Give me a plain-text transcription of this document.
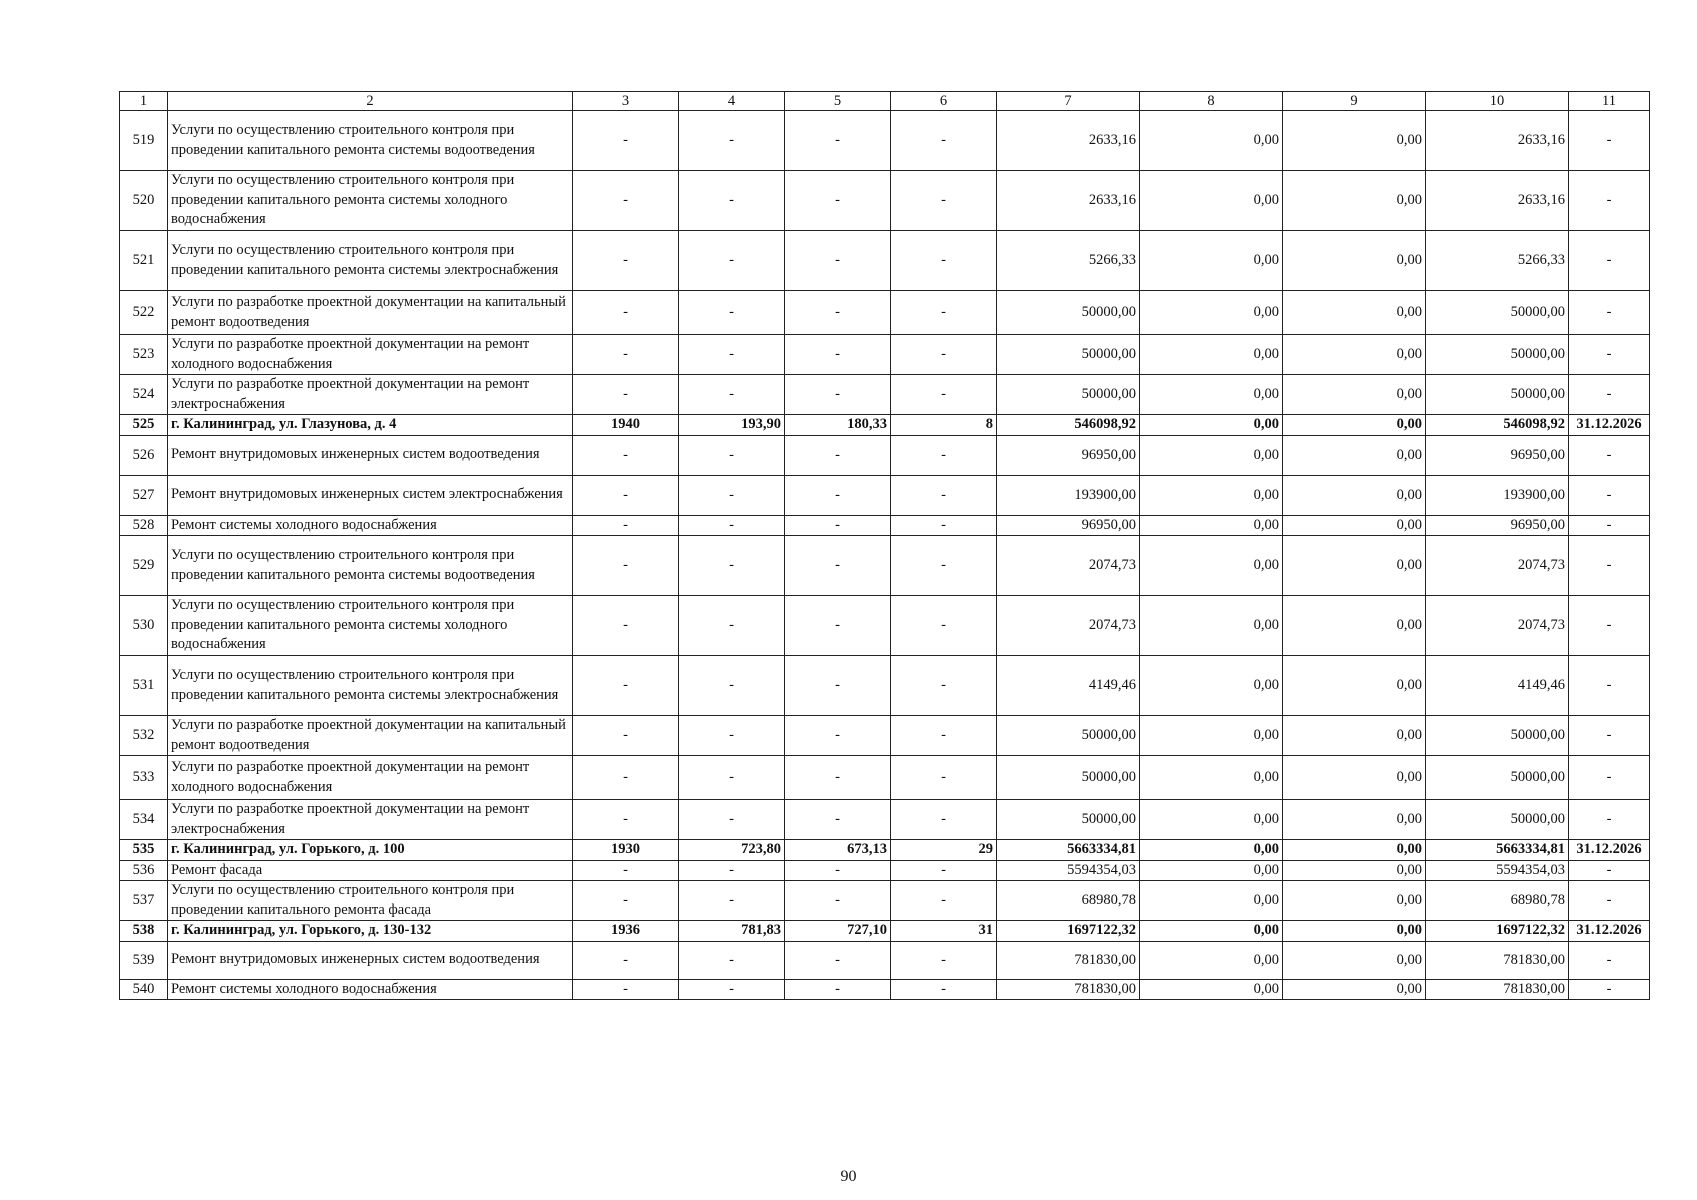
1	2	3	4	5	6	7	8	9	10	11
519	Услуги по осуществлению строительного контроля при проведении капитального ремонта системы водоотведения	-	-	-	-	2633,16	0,00	0,00	2633,16	-
520	Услуги по осуществлению строительного контроля при проведении капитального ремонта системы холодного водоснабжения	-	-	-	-	2633,16	0,00	0,00	2633,16	-
521	Услуги по осуществлению строительного контроля при проведении капитального ремонта системы электроснабжения	-	-	-	-	5266,33	0,00	0,00	5266,33	-
522	Услуги по разработке проектной документации на капитальный ремонт водоотведения	-	-	-	-	50000,00	0,00	0,00	50000,00	-
523	Услуги по разработке проектной документации на ремонт холодного водоснабжения	-	-	-	-	50000,00	0,00	0,00	50000,00	-
524	Услуги по разработке проектной документации на ремонт электроснабжения	-	-	-	-	50000,00	0,00	0,00	50000,00	-
525	г. Калининград, ул. Глазунова, д. 4	1940	193,90	180,33	8	546098,92	0,00	0,00	546098,92	31.12.2026
526	Ремонт внутридомовых инженерных систем водоотведения	-	-	-	-	96950,00	0,00	0,00	96950,00	-
527	Ремонт внутридомовых инженерных систем электроснабжения	-	-	-	-	193900,00	0,00	0,00	193900,00	-
528	Ремонт системы холодного водоснабжения	-	-	-	-	96950,00	0,00	0,00	96950,00	-
529	Услуги по осуществлению строительного контроля при проведении капитального ремонта системы водоотведения	-	-	-	-	2074,73	0,00	0,00	2074,73	-
530	Услуги по осуществлению строительного контроля при проведении капитального ремонта системы холодного водоснабжения	-	-	-	-	2074,73	0,00	0,00	2074,73	-
531	Услуги по осуществлению строительного контроля при проведении капитального ремонта системы электроснабжения	-	-	-	-	4149,46	0,00	0,00	4149,46	-
532	Услуги по разработке проектной документации на капитальный ремонт водоотведения	-	-	-	-	50000,00	0,00	0,00	50000,00	-
533	Услуги по разработке проектной документации на ремонт холодного водоснабжения	-	-	-	-	50000,00	0,00	0,00	50000,00	-
534	Услуги по разработке проектной документации на ремонт электроснабжения	-	-	-	-	50000,00	0,00	0,00	50000,00	-
535	г. Калининград, ул. Горького, д. 100	1930	723,80	673,13	29	5663334,81	0,00	0,00	5663334,81	31.12.2026
536	Ремонт фасада	-	-	-	-	5594354,03	0,00	0,00	5594354,03	-
537	Услуги по осуществлению строительного контроля при проведении капитального ремонта фасада	-	-	-	-	68980,78	0,00	0,00	68980,78	-
538	г. Калининград, ул. Горького, д. 130-132	1936	781,83	727,10	31	1697122,32	0,00	0,00	1697122,32	31.12.2026
539	Ремонт внутридомовых инженерных систем водоотведения	-	-	-	-	781830,00	0,00	0,00	781830,00	-
540	Ремонт системы холодного водоснабжения	-	-	-	-	781830,00	0,00	0,00	781830,00	-
90
